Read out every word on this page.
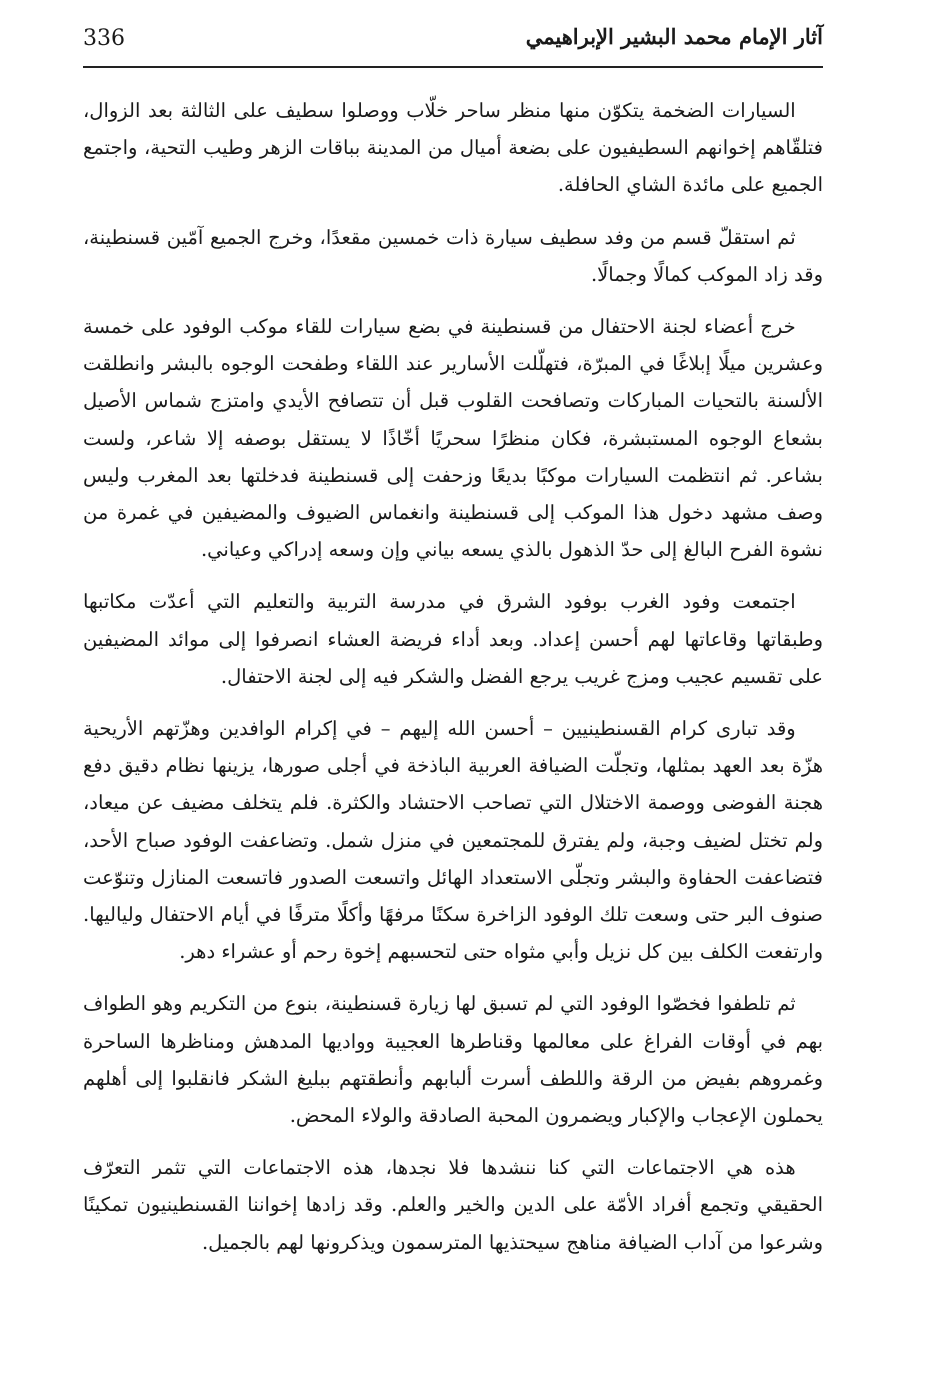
336	آثار الإمام محمد البشير الإبراهيمي

السيارات الضخمة يتكوّن منها منظر ساحر خلّاب ووصلوا سطيف على الثالثة بعد الزوال، فتلقّاهم إخوانهم السطيفيون على بضعة أميال من المدينة بباقات الزهر وطيب التحية، واجتمع الجميع على مائدة الشاي الحافلة.

ثم استقلّ قسم من وفد سطيف سيارة ذات خمسين مقعدًا، وخرج الجميع آمّين قسنطينة، وقد زاد الموكب كمالًا وجمالًا.

خرج أعضاء لجنة الاحتفال من قسنطينة في بضع سيارات للقاء موكب الوفود على خمسة وعشرين ميلًا إبلاغًا في المبرّة، فتهلّلت الأسارير عند اللقاء وطفحت الوجوه بالبشر وانطلقت الألسنة بالتحيات المباركات وتصافحت القلوب قبل أن تتصافح الأيدي وامتزج شماس الأصيل بشعاع الوجوه المستبشرة، فكان منظرًا سحريًا أخّاذًا لا يستقل بوصفه إلا شاعر، ولست بشاعر. ثم انتظمت السيارات موكبًا بديعًا وزحفت إلى قسنطينة فدخلتها بعد المغرب وليس وصف مشهد دخول هذا الموكب إلى قسنطينة وانغماس الضيوف والمضيفين في غمرة من نشوة الفرح البالغ إلى حدّ الذهول بالذي يسعه بياني وإن وسعه إدراكي وعياني.

اجتمعت وفود الغرب بوفود الشرق في مدرسة التربية والتعليم التي أعدّت مكاتبها وطبقاتها وقاعاتها لهم أحسن إعداد. وبعد أداء فريضة العشاء انصرفوا إلى موائد المضيفين على تقسيم عجيب ومزج غريب يرجع الفضل والشكر فيه إلى لجنة الاحتفال.

وقد تبارى كرام القسنطينيين – أحسن الله إليهم – في إكرام الوافدين وهزّتهم الأريحية هزّة بعد العهد بمثلها، وتجلّت الضيافة العربية الباذخة في أجلى صورها، يزينها نظام دقيق دفع هجنة الفوضى ووصمة الاختلال التي تصاحب الاحتشاد والكثرة. فلم يتخلف مضيف عن ميعاد، ولم تختل لضيف وجبة، ولم يفترق للمجتمعين في منزل شمل. وتضاعفت الوفود صباح الأحد، فتضاعفت الحفاوة والبشر وتجلّى الاستعداد الهائل واتسعت الصدور فاتسعت المنازل وتنوّعت صنوف البر حتى وسعت تلك الوفود الزاخرة سكنًا مرفهًا وأكلًا مترفًا في أيام الاحتفال ولياليها. وارتفعت الكلف بين كل نزيل وأبي مثواه حتى لتحسبهم إخوة رحم أو عشراء دهر.

ثم تلطفوا فخصّوا الوفود التي لم تسبق لها زيارة قسنطينة، بنوع من التكريم وهو الطواف بهم في أوقات الفراغ على معالمها وقناطرها العجيبة وواديها المدهش ومناظرها الساحرة وغمروهم بفيض من الرقة واللطف أسرت ألبابهم وأنطقتهم ببليغ الشكر فانقلبوا إلى أهلهم يحملون الإعجاب والإكبار ويضمرون المحبة الصادقة والولاء المحض.

هذه هي الاجتماعات التي كنا ننشدها فلا نجدها، هذه الاجتماعات التي تثمر التعرّف الحقيقي وتجمع أفراد الأمّة على الدين والخير والعلم. وقد زادها إخواننا القسنطينيون تمكينًا وشرعوا من آداب الضيافة مناهج سيحتذيها المترسمون ويذكرونها لهم بالجميل.
